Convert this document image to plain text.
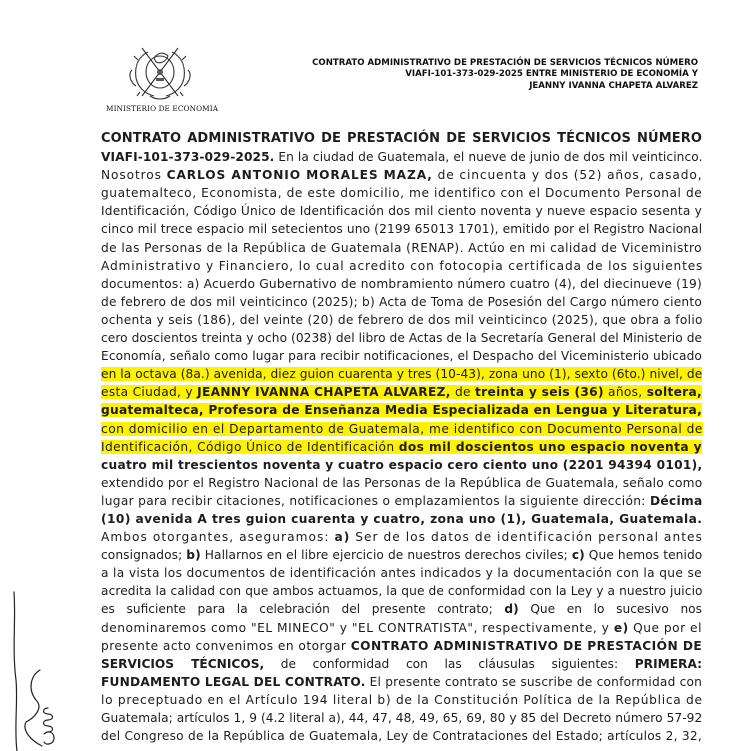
MINISTERIO DE ECONOMIA
CONTRATO ADMINISTRATIVO DE PRESTACIÓN DE SERVICIOS TÉCNICOS NÚMERO
VIAFI-101-373-029-2025 ENTRE MINISTERIO DE ECONOMÍA Y
JEANNY IVANNA CHAPETA ALVAREZ
CONTRATO ADMINISTRATIVO DE PRESTACIÓN DE SERVICIOS TÉCNICOS NÚMERO
VIAFI-101-373-029-2025. En la ciudad de Guatemala, el nueve de junio de dos mil veinticinco.
Nosotros CARLOS ANTONIO MORALES MAZA, de cincuenta y dos (52) años, casado,
guatemalteco, Economista, de este domicilio, me identifico con el Documento Personal de
Identificación, Código Único de Identificación dos mil ciento noventa y nueve espacio sesenta y
cinco mil trece espacio mil setecientos uno (2199 65013 1701), emitido por el Registro Nacional
de las Personas de la República de Guatemala (RENAP). Actúo en mi calidad de Viceministro
Administrativo y Financiero, lo cual acredito con fotocopia certificada de los siguientes
documentos: a) Acuerdo Gubernativo de nombramiento número cuatro (4), del diecinueve (19)
de febrero de dos mil veinticinco (2025); b) Acta de Toma de Posesión del Cargo número ciento
ochenta y seis (186), del veinte (20) de febrero de dos mil veinticinco (2025), que obra a folio
cero doscientos treinta y ocho (0238) del libro de Actas de la Secretaría General del Ministerio de
Economía, señalo como lugar para recibir notificaciones, el Despacho del Viceministerio ubicado
en la octava (8a.) avenida, diez guion cuarenta y tres (10-43), zona uno (1), sexto (6to.) nivel, de
esta Ciudad, y JEANNY IVANNA CHAPETA ALVAREZ, de treinta y seis (36) años, soltera,
guatemalteca, Profesora de Enseñanza Media Especializada en Lengua y Literatura,
con domicilio en el Departamento de Guatemala, me identifico con Documento Personal de
Identificación, Código Único de Identificación dos mil doscientos uno espacio noventa y
cuatro mil trescientos noventa y cuatro espacio cero ciento uno (2201 94394 0101),
extendido por el Registro Nacional de las Personas de la República de Guatemala, señalo como
lugar para recibir citaciones, notificaciones o emplazamientos la siguiente dirección: Décima
(10) avenida A tres guion cuarenta y cuatro, zona uno (1), Guatemala, Guatemala.
Ambos otorgantes, aseguramos: a) Ser de los datos de identificación personal antes
consignados; b) Hallarnos en el libre ejercicio de nuestros derechos civiles; c) Que hemos tenido
a la vista los documentos de identificación antes indicados y la documentación con la que se
acredita la calidad con que ambos actuamos, la que de conformidad con la Ley y a nuestro juicio
es suficiente para la celebración del presente contrato; d) Que en lo sucesivo nos
denominaremos como "EL MINECO" y "EL CONTRATISTA", respectivamente, y e) Que por el
presente acto convenimos en otorgar CONTRATO ADMINISTRATIVO DE PRESTACIÓN DE
SERVICIOS TÉCNICOS, de conformidad con las cláusulas siguientes: PRIMERA:
FUNDAMENTO LEGAL DEL CONTRATO. El presente contrato se suscribe de conformidad con
lo preceptuado en el Artículo 194 literal b) de la Constitución Política de la República de
Guatemala; artículos 1, 9 (4.2 literal a), 44, 47, 48, 49, 65, 69, 80 y 85 del Decreto número 57-92
del Congreso de la República de Guatemala, Ley de Contrataciones del Estado; artículos 2, 32,
